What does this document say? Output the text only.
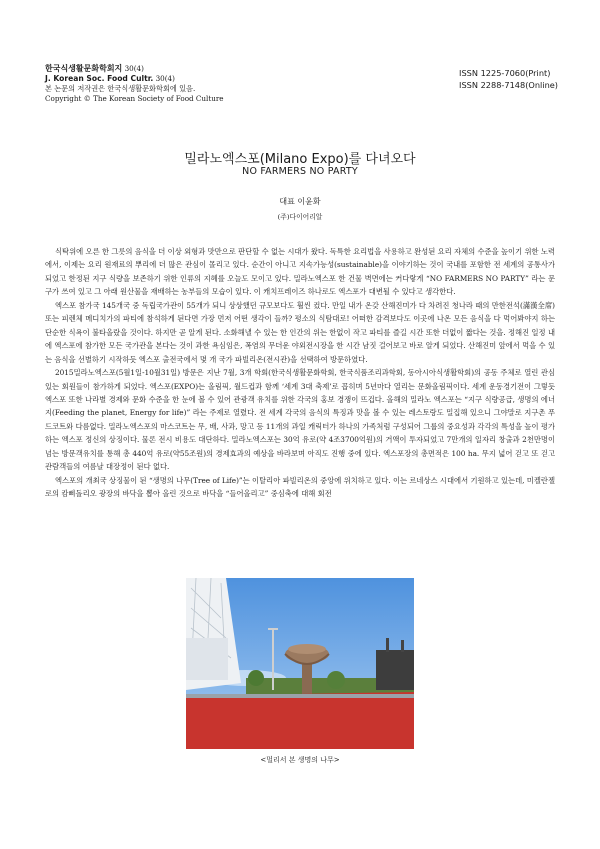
한국식생활문화학회지 30(4)
J. Korean Soc. Food Cultr. 30(4)
본 논문의 저작권은 한국식생활문화학회에 있음.
Copyright © The Korean Society of Food Culture
ISSN 1225-7060(Print)
ISSN 2288-7148(Online)
밀라노엑스포(Milano Expo)를 다녀오다
NO FARMERS NO PARTY
대표 이윤화
(주)다이어리알

식탁위에 오른 한 그릇의 음식을 더 이상 외형과 맛만으로 판단할 수 없는 시대가 왔다. 독특한 요리법을 사용하고 완성된 요리 자체의 수준을 높이기 위한 노력에서, 이제는 요리 원재료의 뿌리에 더 많은 관심이 몰리고 있다. 순간이 아니고 지속가능성(sustainable)을 이야기하는 것이 국내를 포함한 전 세계의 공통사가 되었고 한정된 지구 식량을 보존하기 위한 인류의 지혜를 오늘도 모이고 있다. 밀라노엑스포 한 건물 벽면에는 커다랗게 “NO FARMERS NO PARTY” 라는 문구가 쓰여 있고 그 아래 원산물을 재배하는 농부들의 모습이 있다. 이 캐치프레이즈 하나로도 엑스포가 대변될 수 있다고 생각한다.

엑스포 참가국 145개국 중 독립국가관이 55개가 되니 상상했던 규모보다도 훨씬 컸다. 만일 내가 온갖 산해진미가 다 차려진 청나라 때의 만한전석(滿漢全席) 또는 피렌체 메디치가의 파티에 참석하게 된다면 가장 먼저 어떤 생각이 들까? 평소의 식탐대로! 어떠한 감격보다도 이곳에 나온 모든 음식을 다 먹어봐야지 하는 단순한 식욕이 불타올랐을 것이다. 하지만 곧 알게 된다. 소화해낼 수 있는 한 인간의 위는 한없이 작고 파티를 즐길 시간 또한 더없이 짧다는 것을. 정해진 일정 내에 엑스포에 참가한 모든 국가관을 본다는 것이 과한 욕심임은, 폭염의 무더운 야외전시장을 한 시간 남짓 걸어보고 바로 알게 되었다. 산해진미 앞에서 먹을 수 있는 음식을 선별하기 시작하듯 엑스포 출전국에서 몇 개 국가 파빌리온(전시관)을 선택하여 방문하였다.

2015밀라노엑스포(5월1일-10월31일) 방문은 지난 7월, 3개 학회(한국식생활문화학회, 한국식품조리과학회, 동아시아식생활학회)의 공동 주체로 열린 관심 있는 회원들이 참가하게 되었다. 엑스포(EXPO)는 올림픽, 월드컵과 함께 ‘세계 3대 축제’로 꼽히며 5년마다 열리는 문화올림픽이다. 세계 운동경기전이 그렇듯 엑스포 또한 나라별 경제와 문화 수준을 한 눈에 볼 수 있어 관광객 유치를 위한 각국의 홍보 경쟁이 뜨겁다. 올해의 밀라노 엑스포는 “지구 식량공급, 생명의 에너지(Feeding the planet, Energy for life)” 라는 주제로 열렸다. 전 세계 각국의 음식의 특징과 맛을 볼 수 있는 레스토랑도 밀집해 있으니 그야말로 지구촌 푸드코트와 다름없다. 밀라노엑스포의 마스코트는 무, 배, 사과, 망고 등 11개의 과일 캐릭터가 하나의 가족처럼 구성되어 그룹의 중요성과 각각의 특성을 높이 평가하는 엑스포 정신의 상징이다. 물론 전시 비용도 대단하다. 밀라노엑스포는 30억 유로(약 4조3700억원)의 거액이 투자되었고 7만개의 일자리 창출과 2천만명이 넘는 방문객유치를 통해 총 440억 유로(약55조원)의 경제효과의 예상을 바라보며 아직도 진행 중에 있다. 엑스포장의 총면적은 100 ha. 무지 넓어 걷고 또 걷고 관람객들의 여름날 대장정이 된다 없다.

엑스포의 개최국 상징물이 된 “생명의 나무(Tree of Life)”는 이탈리아 파빌리온의 중앙에 위치하고 있다. 이는 르네상스 시대에서 기원하고 있는데, 미켈란젤로의 캄삐돌리오 광장의 바닥을 뽑아 올린 것으로 바닥을 “들어올리고” 중심축에 대해 회전

<멀리서 본 생명의 나무>
